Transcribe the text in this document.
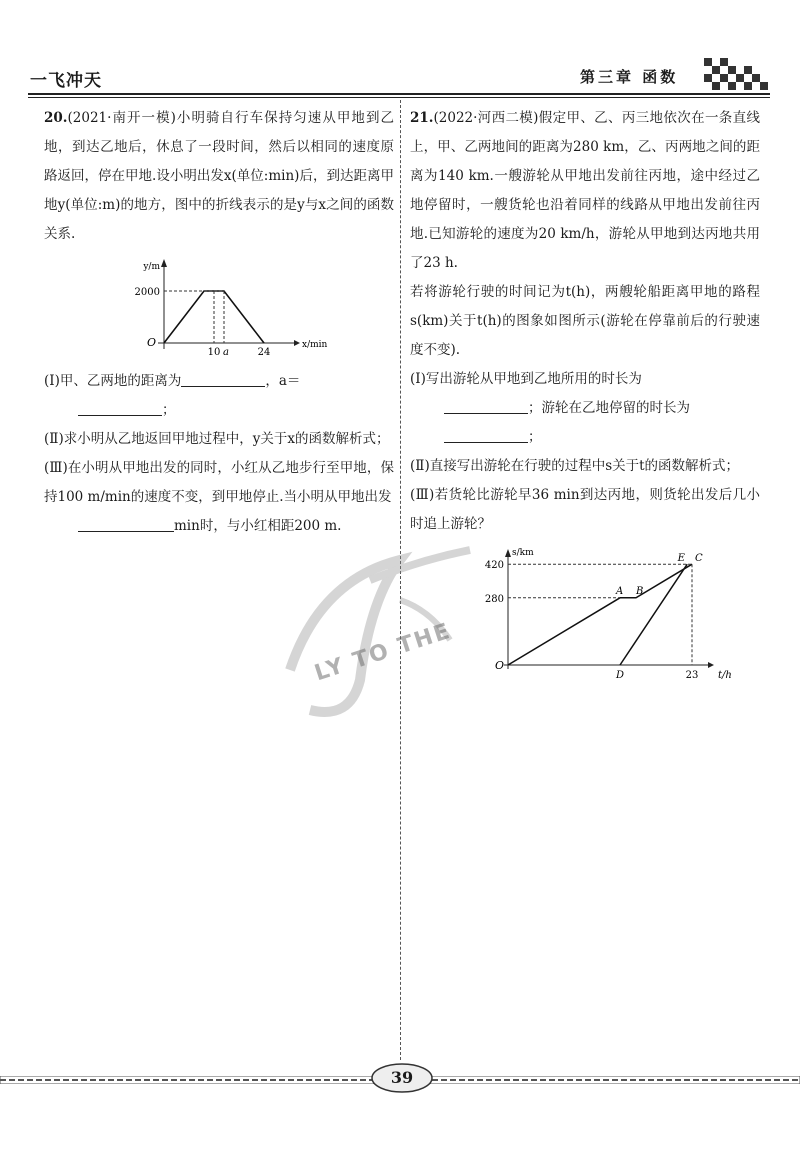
一飞冲天	第三章 函数
LY TO THE

20.(2021·南开一模)小明骑自行车保持匀速从甲地到乙地，到达乙地后，休息了一段时间，然后以相同的速度原路返回，停在甲地.设小明出发x(单位:min)后，到达距离甲地y(单位:m)的地方，图中的折线表示的是y与x之间的函数关系.

O
2000
y/m
10 a	24
x/min

(Ⅰ)甲、乙两地的距离为	，a＝

；

(Ⅱ)求小明从乙地返回甲地过程中，y关于x的函数解析式；

(Ⅲ)在小明从甲地出发的同时，小红从乙地步行至甲地，保持100 m/min的速度不变，到甲地停止.当小明从甲地出发

min时，与小红相距200 m.

21.(2022·河西二模)假定甲、乙、丙三地依次在一条直线上，甲、乙两地间的距离为280 km，乙、丙两地之间的距离为140 km.一艘游轮从甲地出发前往丙地，途中经过乙地停留时，一艘货轮也沿着同样的线路从甲地出发前往丙地.已知游轮的速度为20 km/h，游轮从甲地到达丙地共用了23 h.

若将游轮行驶的时间记为t(h)，两艘轮船距离甲地的路程s(km)关于t(h)的图象如图所示(游轮在停靠前后的行驶速度不变).

(Ⅰ)写出游轮从甲地到乙地所用的时长为

；游轮在乙地停留的时长为

；

(Ⅱ)直接写出游轮在行驶的过程中s关于t的函数解析式；

(Ⅲ)若货轮比游轮早36 min到达丙地，则货轮出发后几小时追上游轮？

O
280
420
s/km
D	23 t/h
A B
E C
39
